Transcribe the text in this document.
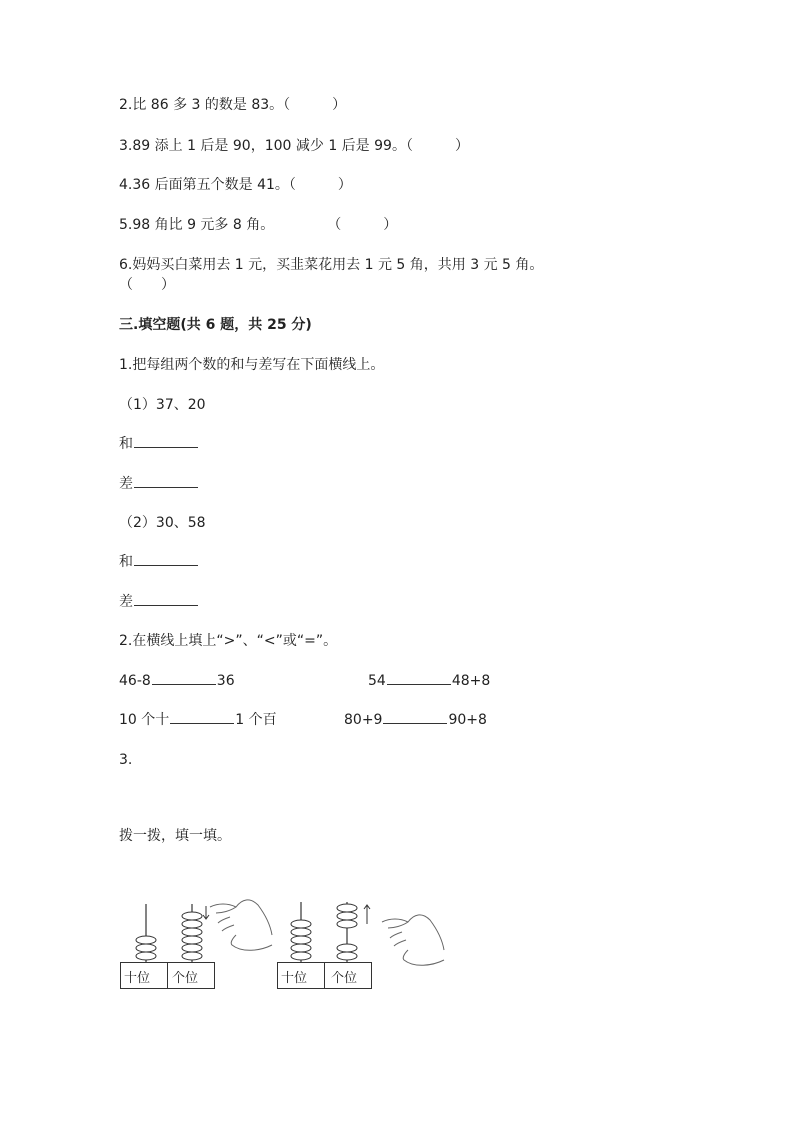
2.比 86 多 3 的数是 83。（　　　）
3.89 添上 1 后是 90，100 减少 1 后是 99。（　　　）
4.36 后面第五个数是 41。（　　　）
5.98 角比 9 元多 8 角。	（　　　）
6.妈妈买白菜用去 1 元，买韭菜花用去 1 元 5 角，共用 3 元 5 角。
（　　）
三.填空题(共 6 题，共 25 分)
1.把每组两个数的和与差写在下面横线上。
（1）37、20
和
差
（2）30、58
和
差
2.在横线上填上“>”、“<”或“=”。
46-8	36	54	48+8
10 个十	1 个百	80+9	90+8
3.
拨一拨，填一填。
十位 个位	十位 个位
